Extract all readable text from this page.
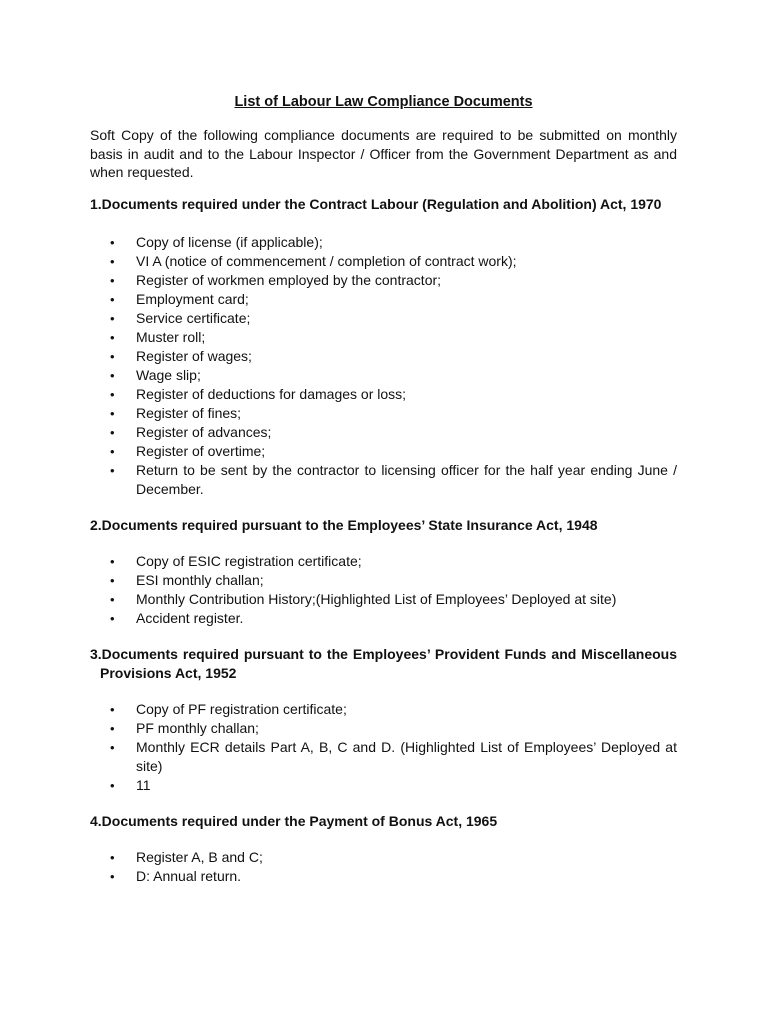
List of Labour Law Compliance Documents
Soft Copy of the following compliance documents are required to be submitted on monthly basis in audit and to the Labour Inspector / Officer from the Government Department as and when requested.
1.Documents required under the Contract Labour (Regulation and Abolition) Act, 1970
• Copy of license (if applicable);
• VI A (notice of commencement / completion of contract work);
• Register of workmen employed by the contractor;
• Employment card;
• Service certificate;
• Muster roll;
• Register of wages;
• Wage slip;
• Register of deductions for damages or loss;
• Register of fines;
• Register of advances;
• Register of overtime;
• Return to be sent by the contractor to licensing officer for the half year ending June / December.
2.Documents required pursuant to the Employees’ State Insurance Act, 1948
• Copy of ESIC registration certificate;
• ESI monthly challan;
• Monthly Contribution History;(Highlighted List of Employees’ Deployed at site)
• Accident register.
3.Documents required pursuant to the Employees’ Provident Funds and Miscellaneous Provisions Act, 1952
• Copy of PF registration certificate;
• PF monthly challan;
• Monthly ECR details Part A, B, C and D. (Highlighted List of Employees’ Deployed at site)
• 11
4.Documents required under the Payment of Bonus Act, 1965
• Register A, B and C;
• D: Annual return.
